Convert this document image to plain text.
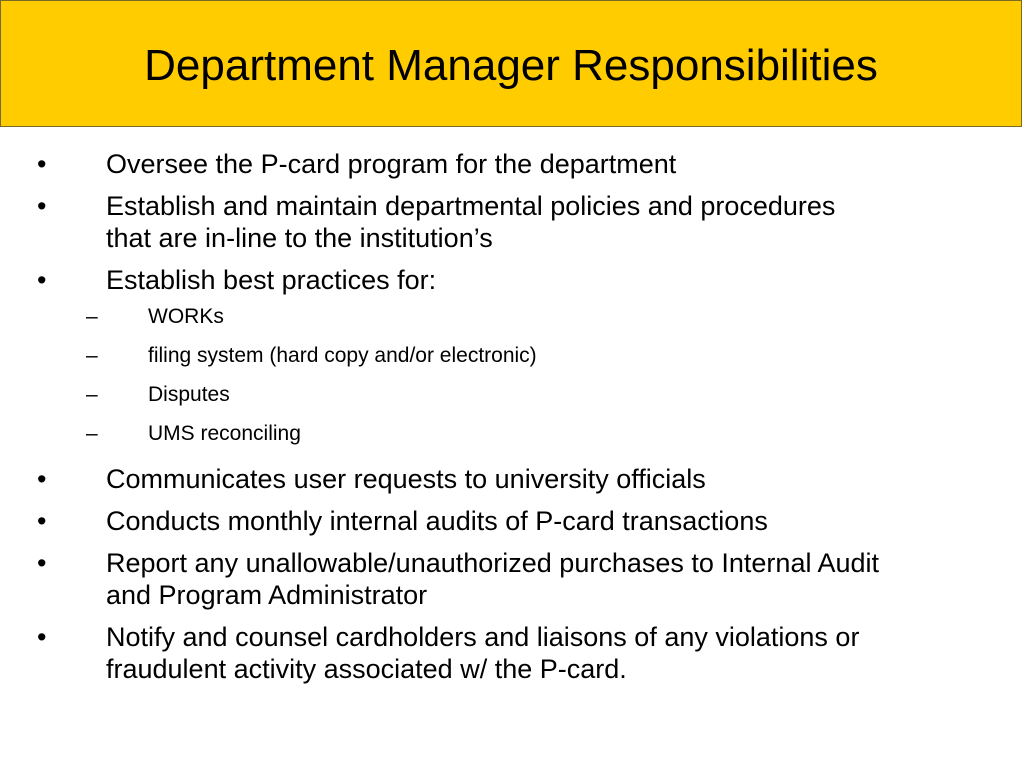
Department Manager Responsibilities
• Oversee the P-card program for the department
• Establish and maintain departmental policies and procedures that are in-line to the institution’s
• Establish best practices for:
– WORKs
– filing system (hard copy and/or electronic)
– Disputes
– UMS reconciling
• Communicates user requests to university officials
• Conducts monthly internal audits of P-card transactions
• Report any unallowable/unauthorized purchases to Internal Audit and Program Administrator
• Notify and counsel cardholders and liaisons of any violations or fraudulent activity associated w/ the P-card.
